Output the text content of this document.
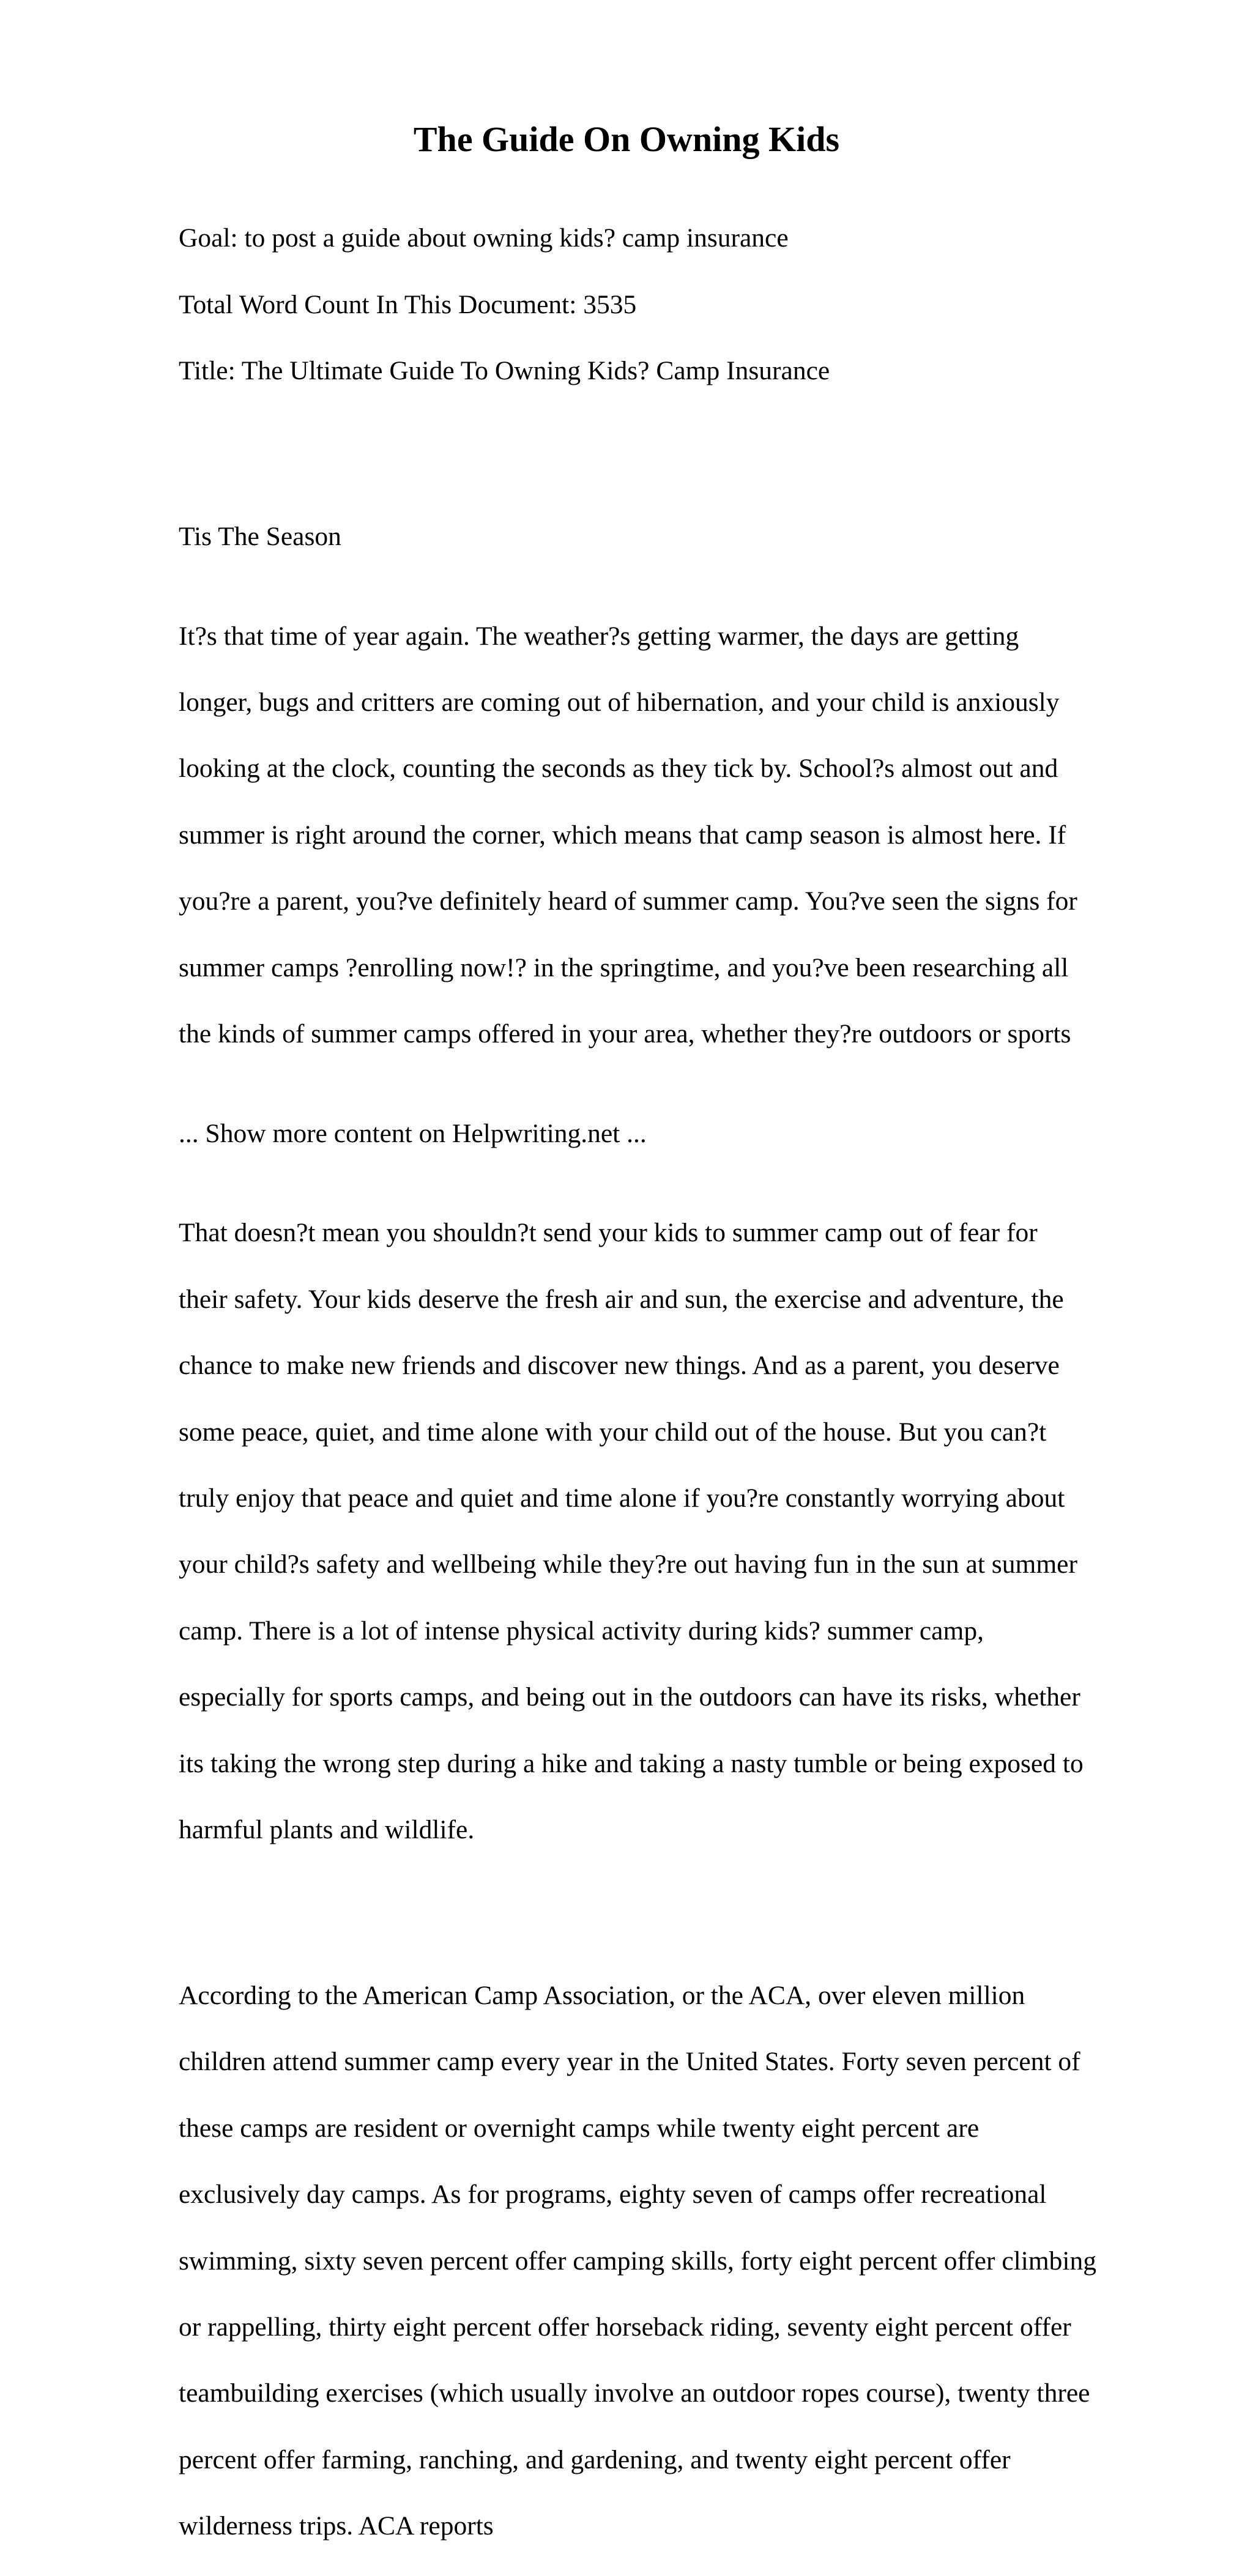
The Guide On Owning Kids

Goal: to post a guide about owning kids? camp insurance

Total Word Count In This Document: 3535

Title: The Ultimate Guide To Owning Kids? Camp Insurance

Tis The Season

It?s that time of year again. The weather?s getting warmer, the days are getting

longer, bugs and critters are coming out of hibernation, and your child is anxiously

looking at the clock, counting the seconds as they tick by. School?s almost out and

summer is right around the corner, which means that camp season is almost here. If

you?re a parent, you?ve definitely heard of summer camp. You?ve seen the signs for

summer camps ?enrolling now!? in the springtime, and you?ve been researching all

the kinds of summer camps offered in your area, whether they?re outdoors or sports

... Show more content on Helpwriting.net ...

That doesn?t mean you shouldn?t send your kids to summer camp out of fear for

their safety. Your kids deserve the fresh air and sun, the exercise and adventure, the

chance to make new friends and discover new things. And as a parent, you deserve

some peace, quiet, and time alone with your child out of the house. But you can?t

truly enjoy that peace and quiet and time alone if you?re constantly worrying about

your child?s safety and wellbeing while they?re out having fun in the sun at summer

camp. There is a lot of intense physical activity during kids? summer camp,

especially for sports camps, and being out in the outdoors can have its risks, whether

its taking the wrong step during a hike and taking a nasty tumble or being exposed to

harmful plants and wildlife.

According to the American Camp Association, or the ACA, over eleven million

children attend summer camp every year in the United States. Forty seven percent of

these camps are resident or overnight camps while twenty eight percent are

exclusively day camps. As for programs, eighty seven of camps offer recreational

swimming, sixty seven percent offer camping skills, forty eight percent offer climbing

or rappelling, thirty eight percent offer horseback riding, seventy eight percent offer

teambuilding exercises (which usually involve an outdoor ropes course), twenty three

percent offer farming, ranching, and gardening, and twenty eight percent offer

wilderness trips. ACA reports
